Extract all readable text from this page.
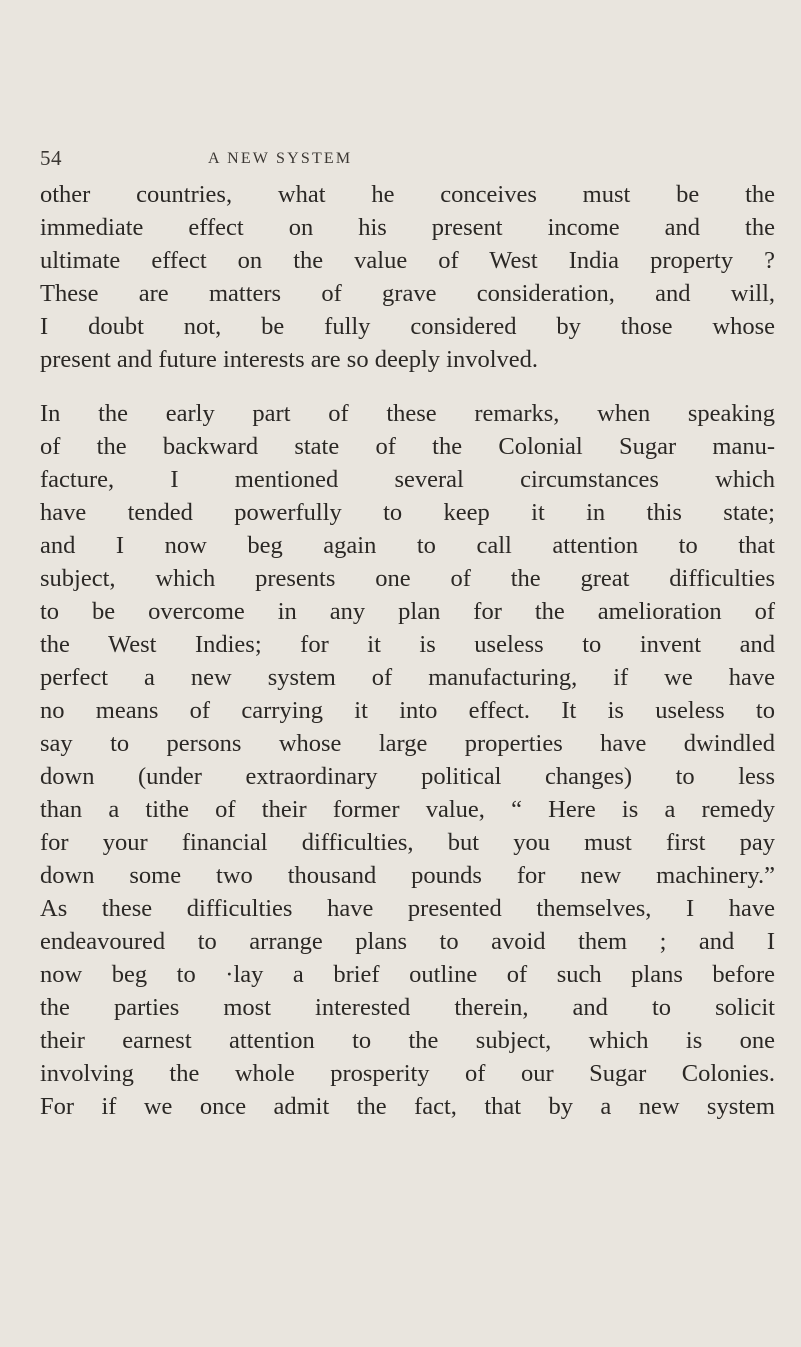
54	A NEW SYSTEM
other countries, what he conceives must be the
immediate effect on his present income and the
ultimate effect on the value of West India property ?
These are matters of grave consideration, and will,
I doubt not, be fully considered by those whose
present and future interests are so deeply involved.
In the early part of these remarks, when speaking
of the backward state of the Colonial Sugar manu-
facture, I mentioned several circumstances which
have tended powerfully to keep it in this state;
and I now beg again to call attention to that
subject, which presents one of the great difficulties
to be overcome in any plan for the amelioration of
the West Indies; for it is useless to invent and
perfect a new system of manufacturing, if we have
no means of carrying it into effect. It is useless to
say to persons whose large properties have dwindled
down (under extraordinary political changes) to less
than a tithe of their former value, “ Here is a remedy
for your financial difficulties, but you must first pay
down some two thousand pounds for new machinery.”
As these difficulties have presented themselves, I have
endeavoured to arrange plans to avoid them ; and I
now beg to ·lay a brief outline of such plans before
the parties most interested therein, and to solicit
their earnest attention to the subject, which is one
involving the whole prosperity of our Sugar Colonies.
For if we once admit the fact, that by a new system
